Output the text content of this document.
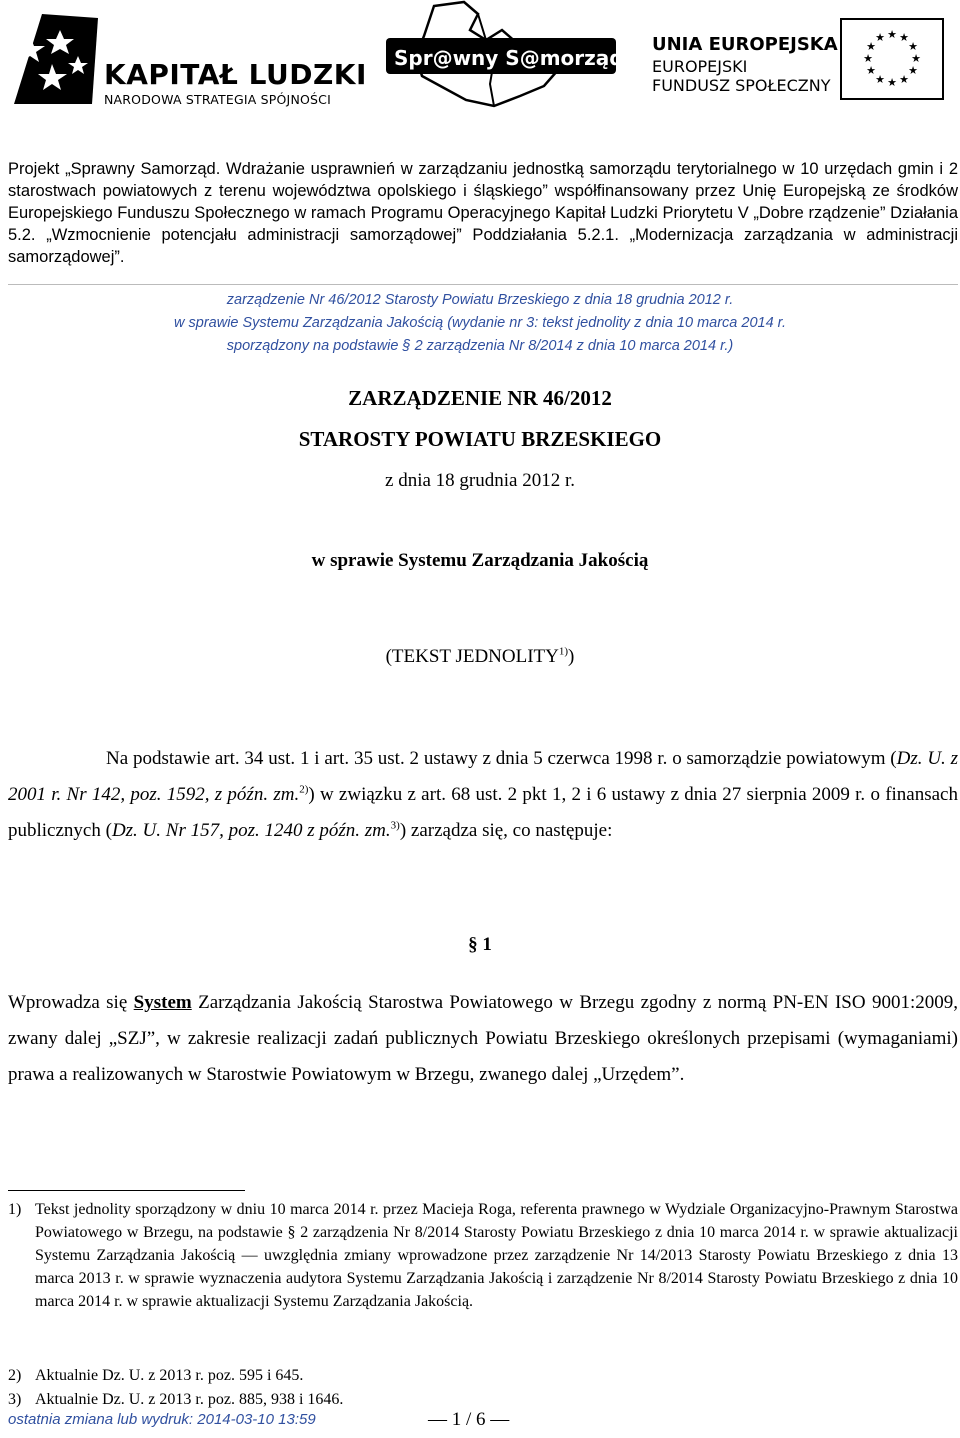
KAPITAŁ LUDZKI
NARODOWA STRATEGIA SPÓJNOŚCI
Spr@wny S@morząd
UNIA EUROPEJSKA
EUROPEJSKI
FUNDUSZ SPOŁECZNY
★ ★
★
★
★
★
★
★
★
★
★
★
Projekt „Sprawny Samorząd. Wdrażanie usprawnień w zarządzaniu jednostką samorządu terytorialnego w 10 urzędach gmin i 2 starostwach powiatowych z terenu województwa opolskiego i śląskiego” współfinansowany przez Unię Europejską ze środków Europejskiego Funduszu Społecznego w ramach Programu Operacyjnego Kapitał Ludzki Priorytetu V „Dobre rządzenie” Działania 5.2. „Wzmocnienie potencjału administracji samorządowej” Poddziałania 5.2.1. „Modernizacja zarządzania w administracji samorządowej”.
zarządzenie Nr 46/2012 Starosty Powiatu Brzeskiego z dnia 18 grudnia 2012 r.
w sprawie Systemu Zarządzania Jakością (wydanie nr 3: tekst jednolity z dnia 10 marca 2014 r.
sporządzony na podstawie § 2 zarządzenia Nr 8/2014 z dnia 10 marca 2014 r.)
ZARZĄDZENIE NR 46/2012
STAROSTY POWIATU BRZESKIEGO
z dnia 18 grudnia 2012 r.
w sprawie Systemu Zarządzania Jakością
(TEKST JEDNOLITY$^{1)}$)
Na podstawie art. 34 ust. 1 i art. 35 ust. 2 ustawy z dnia 5 czerwca 1998 r. o samorządzie powiatowym (Dz. U. z 2001 r. Nr 142, poz. 1592, z późn. zm.$^{2)}$) w związku z art. 68 ust. 2 pkt 1, 2 i 6 ustawy z dnia 27 sierpnia 2009 r. o finansach publicznych (Dz. U. Nr 157, poz. 1240 z późn. zm.$^{3)}$) zarządza się, co następuje:
§ 1
Wprowadza się System Zarządzania Jakością Starostwa Powiatowego w Brzegu zgodny z normą PN-EN ISO 9001:2009, zwany dalej „SZJ”, w zakresie realizacji zadań publicznych Powiatu Brzeskiego określonych przepisami (wymaganiami) prawa a realizowanych w Starostwie Powiatowym w Brzegu, zwanego dalej „Urzędem”.
1) Tekst jednolity sporządzony w dniu 10 marca 2014 r. przez Macieja Roga, referenta prawnego w Wydziale Organizacyjno-Prawnym Starostwa Powiatowego w Brzegu, na podstawie § 2 zarządzenia Nr 8/2014 Starosty Powiatu Brzeskiego z dnia 10 marca 2014 r. w sprawie aktualizacji Systemu Zarządzania Jakością — uwzględnia zmiany wprowadzone przez zarządzenie Nr 14/2013 Starosty Powiatu Brzeskiego z dnia 13 marca 2013 r. w sprawie wyznaczenia audytora Systemu Zarządzania Jakością i zarządzenie Nr 8/2014 Starosty Powiatu Brzeskiego z dnia 10 marca 2014 r. w sprawie aktualizacji Systemu Zarządzania Jakością.
2) Aktualnie Dz. U. z 2013 r. poz. 595 i 645.
3) Aktualnie Dz. U. z 2013 r. poz. 885, 938 i 1646.
ostatnia zmiana lub wydruk: 2014-03-10 13:59	— 1 / 6 —
